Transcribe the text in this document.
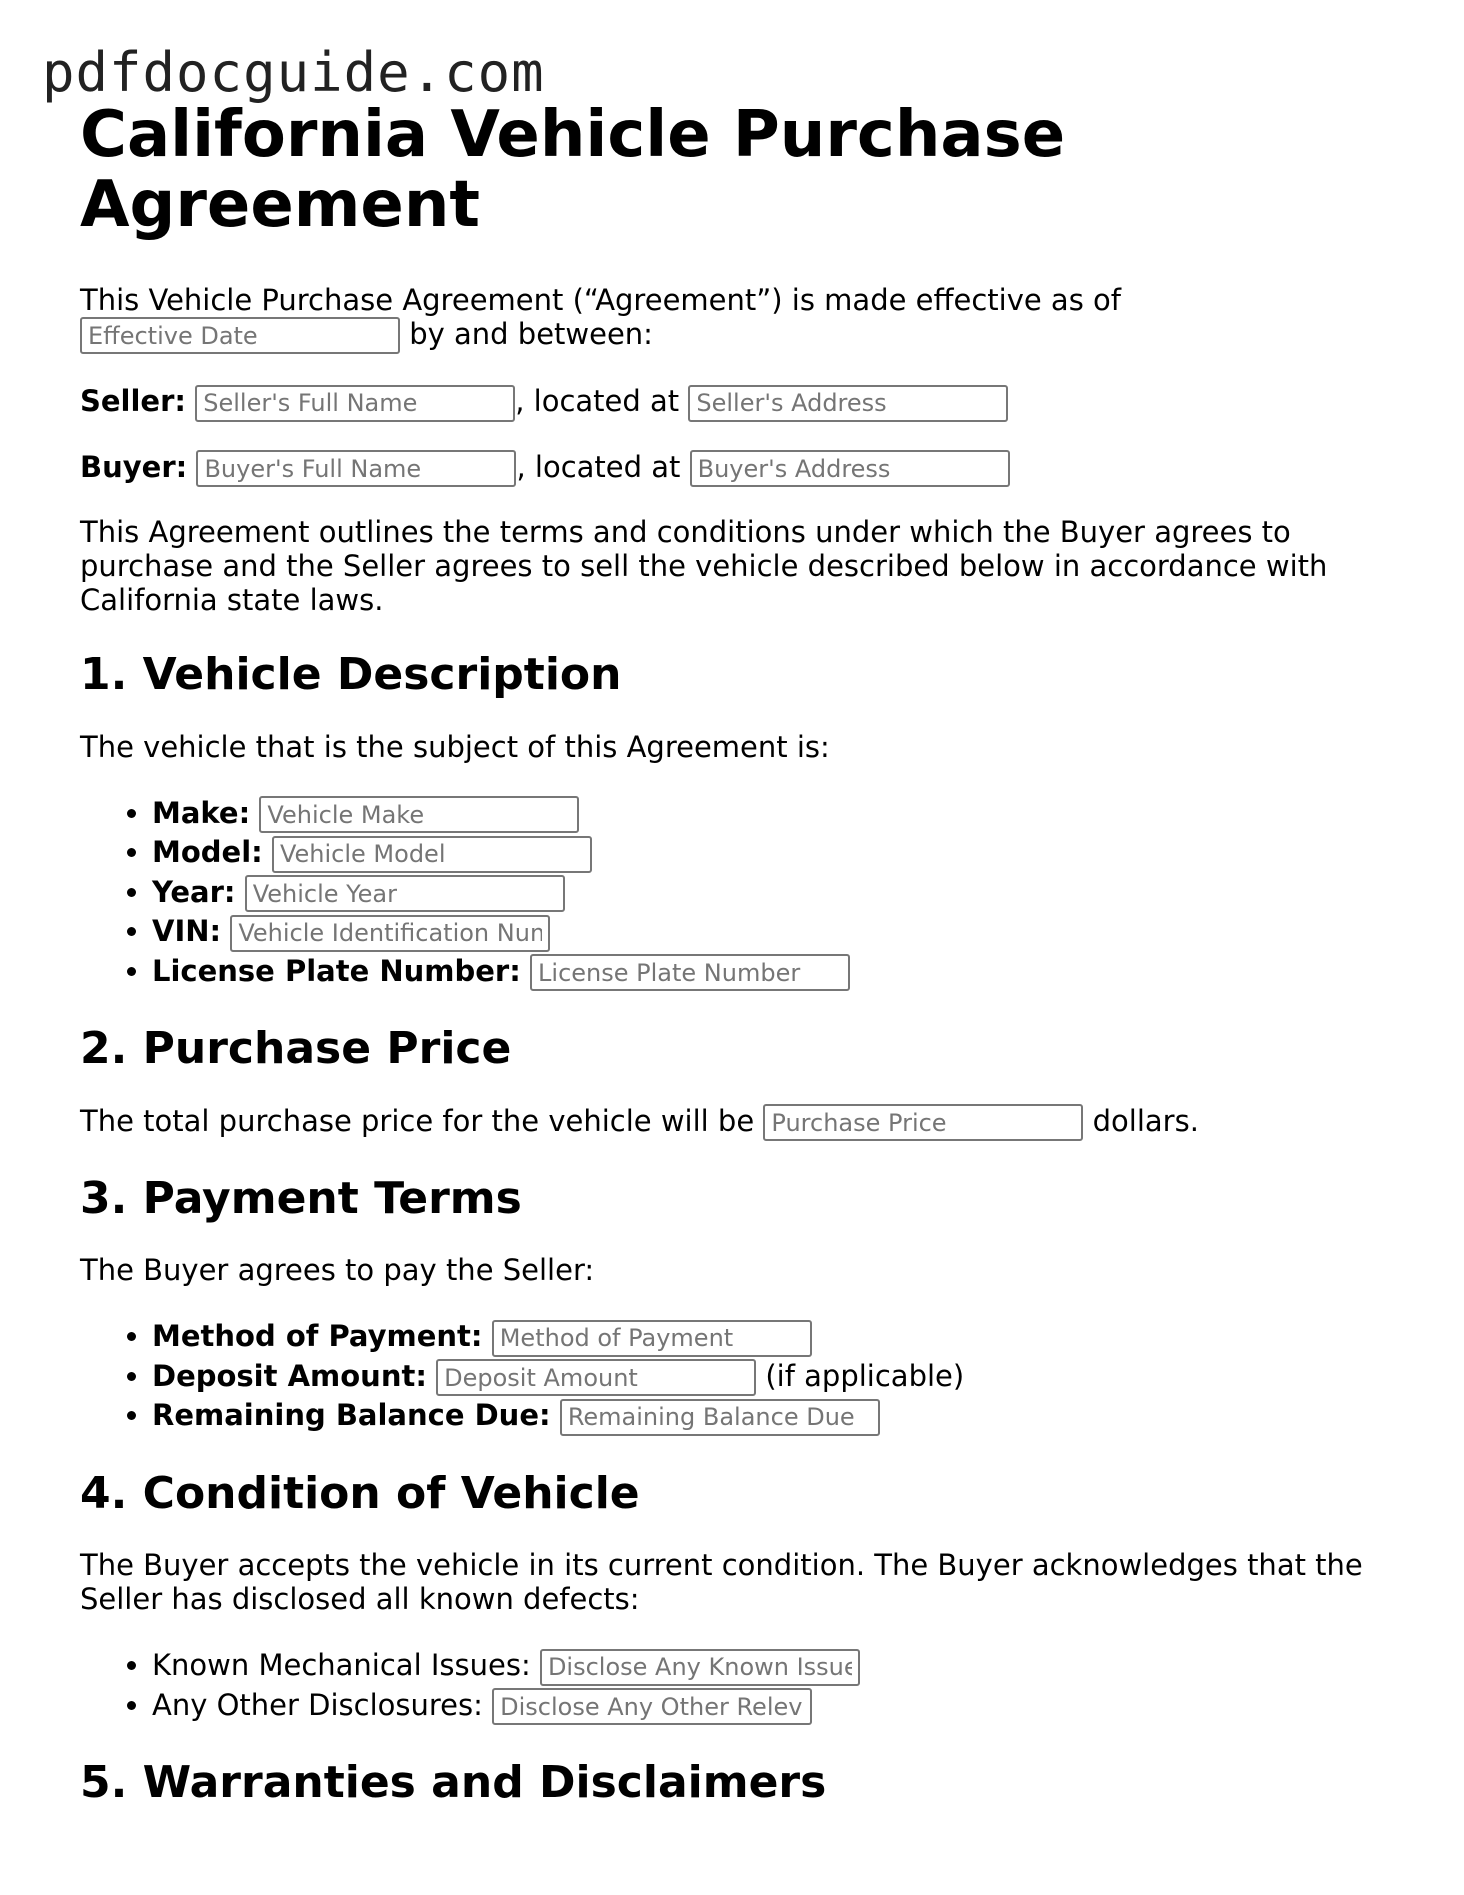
pdfdocguide.com
California Vehicle Purchase Agreement

This Vehicle Purchase Agreement (“Agreement”) is made effective as of
Effective Date by and between:

Seller: Seller's Full Name	, located at Seller's Address

Buyer: Buyer's Full Name	, located at Buyer's Address

This Agreement outlines the terms and conditions under which the Buyer agrees to purchase and the Seller agrees to sell the vehicle described below in accordance with California state laws.

1. Vehicle Description

The vehicle that is the subject of this Agreement is:

• Make: Vehicle Make
• Model: Vehicle Model
• Year: Vehicle Year
• VIN: Vehicle Identification Num
• License Plate Number: License Plate Number
2. Purchase Price

The total purchase price for the vehicle will be Purchase Price	dollars.

3. Payment Terms

The Buyer agrees to pay the Seller:

• Method of Payment: Method of Payment
• Deposit Amount: Deposit Amount	(if applicable)
• Remaining Balance Due: Remaining Balance Due
4. Condition of Vehicle

The Buyer accepts the vehicle in its current condition. The Buyer acknowledges that the Seller has disclosed all known defects:

• Known Mechanical Issues: Disclose Any Known Issues
• Any Other Disclosures: Disclose Any Other Releva
5. Warranties and Disclaimers
